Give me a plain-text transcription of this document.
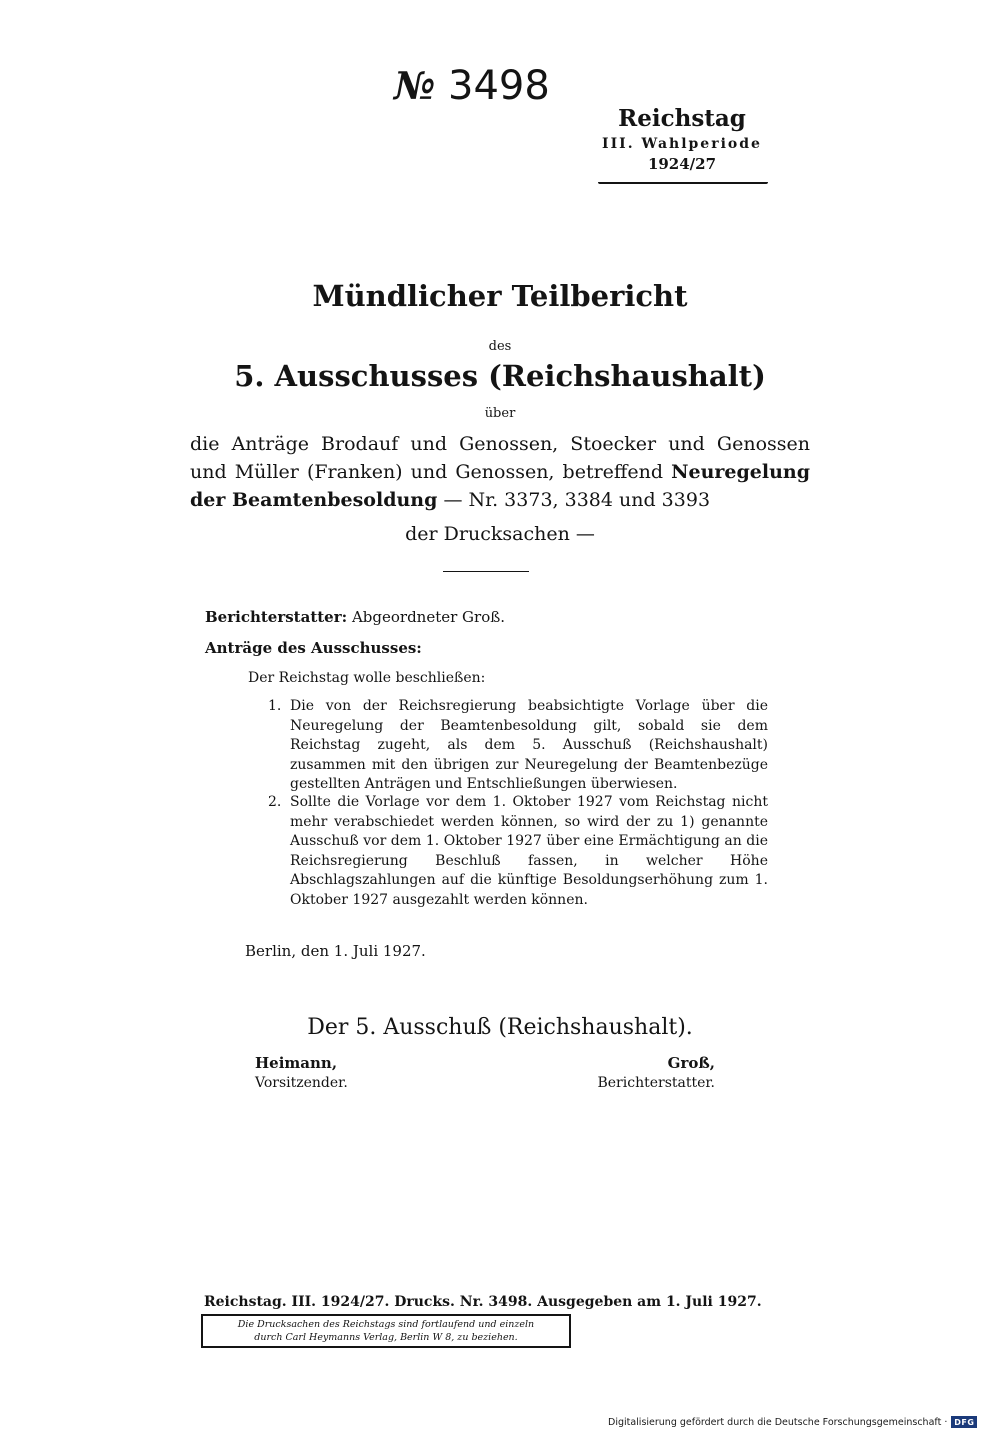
№ 3498
Reichstag
III. Wahlperiode
1924/27
Mündlicher Teilbericht
des
5. Ausschusses (Reichshaushalt)
über
die Anträge Brodauf und Genossen, Stoecker und Genossen und Müller (Franken) und Genossen, betreffend Neuregelung der Beamtenbesoldung — Nr. 3373, 3384 und 3393
der Drucksachen —
Berichterstatter: Abgeordneter Groß.
Anträge des Ausschusses:
Der Reichstag wolle beschließen:
1. Die von der Reichsregierung beabsichtigte Vorlage über die Neuregelung der Beamtenbesoldung gilt, sobald sie dem Reichstag zugeht, als dem 5. Ausschuß (Reichshaushalt) zusammen mit den übrigen zur Neuregelung der Beamtenbezüge gestellten Anträgen und Entschließungen überwiesen.
2. Sollte die Vorlage vor dem 1. Oktober 1927 vom Reichstag nicht mehr verabschiedet werden können, so wird der zu 1) genannte Ausschuß vor dem 1. Oktober 1927 über eine Ermächtigung an die Reichsregierung Beschluß fassen, in welcher Höhe Abschlagszahlungen auf die künftige Besoldungserhöhung zum 1. Oktober 1927 ausgezahlt werden können.
Berlin, den 1. Juli 1927.
Der 5. Ausschuß (Reichshaushalt).
Heimann,
Vorsitzender.
Groß,
Berichterstatter.
Reichstag. III. 1924/27. Drucks. Nr. 3498. Ausgegeben am 1. Juli 1927.
Die Drucksachen des Reichstags sind fortlaufend und einzeln
durch Carl Heymanns Verlag, Berlin W 8, zu beziehen.
Digitalisierung gefördert durch die Deutsche Forschungsgemeinschaft · DFG
